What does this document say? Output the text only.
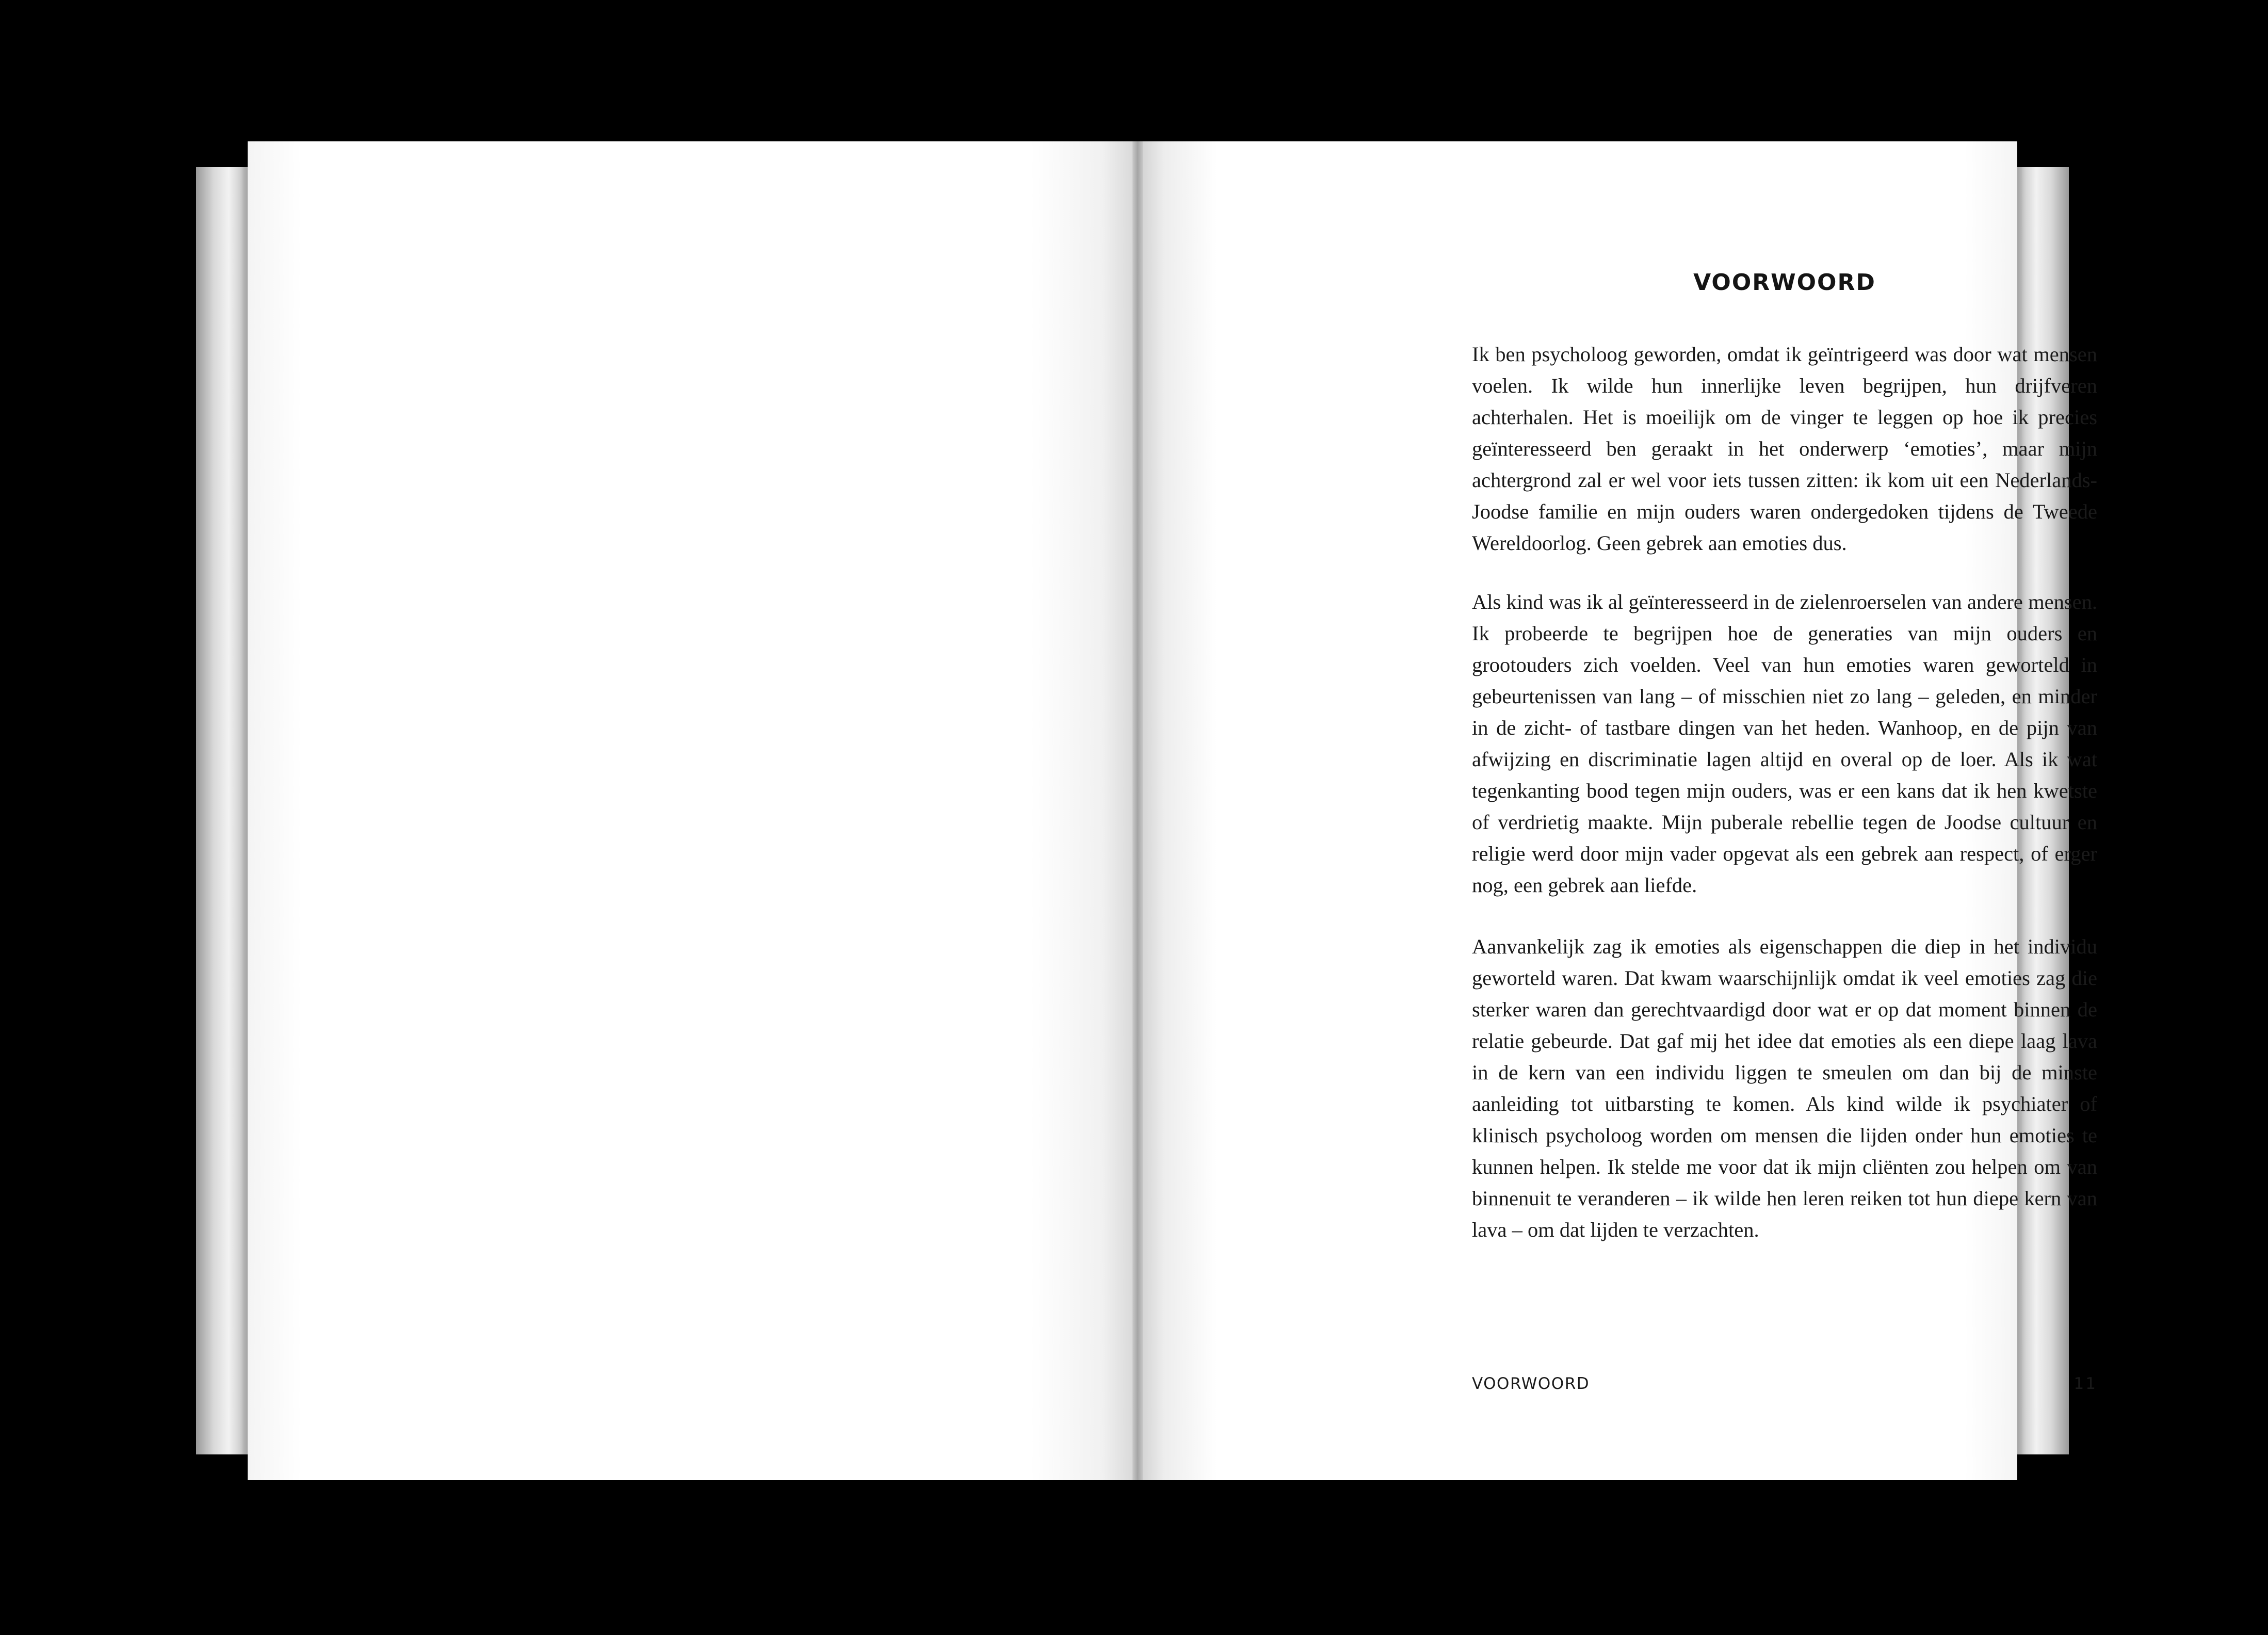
VOORWOORD

Ik ben psycholoog geworden, omdat ik geïntrigeerd was door wat mensen voelen. Ik wilde hun innerlijke leven begrijpen, hun drijfveren achterhalen. Het is moeilijk om de vinger te leggen op hoe ik precies geïnteresseerd ben geraakt in het onderwerp ‘emoties’, maar mijn achtergrond zal er wel voor iets tussen zitten: ik kom uit een Nederlands-Joodse familie en mijn ouders waren ondergedoken tijdens de Tweede Wereldoorlog. Geen gebrek aan emoties dus.

Als kind was ik al geïnteresseerd in de zielenroerselen van andere mensen. Ik probeerde te begrijpen hoe de generaties van mijn ouders en grootouders zich voelden. Veel van hun emoties waren geworteld in gebeurtenissen van lang – of misschien niet zo lang – geleden, en minder in de zicht- of tastbare dingen van het heden. Wanhoop, en de pijn van afwijzing en discriminatie lagen altijd en overal op de loer. Als ik wat tegenkanting bood tegen mijn ouders, was er een kans dat ik hen kwetste of verdrietig maakte. Mijn puberale rebellie tegen de Joodse cultuur en religie werd door mijn vader opgevat als een gebrek aan respect, of erger nog, een gebrek aan liefde.

Aanvankelijk zag ik emoties als eigenschappen die diep in het individu geworteld waren. Dat kwam waarschijnlijk omdat ik veel emoties zag die sterker waren dan gerechtvaardigd door wat er op dat moment binnen de relatie gebeurde. Dat gaf mij het idee dat emoties als een diepe laag lava in de kern van een individu liggen te smeulen om dan bij de minste aanleiding tot uitbarsting te komen. Als kind wilde ik psychiater of klinisch psycholoog worden om mensen die lijden onder hun emoties te kunnen helpen. Ik stelde me voor dat ik mijn cliënten zou helpen om van binnenuit te veranderen – ik wilde hen leren reiken tot hun diepe kern van lava – om dat lijden te verzachten.

VOORWOORD	11
